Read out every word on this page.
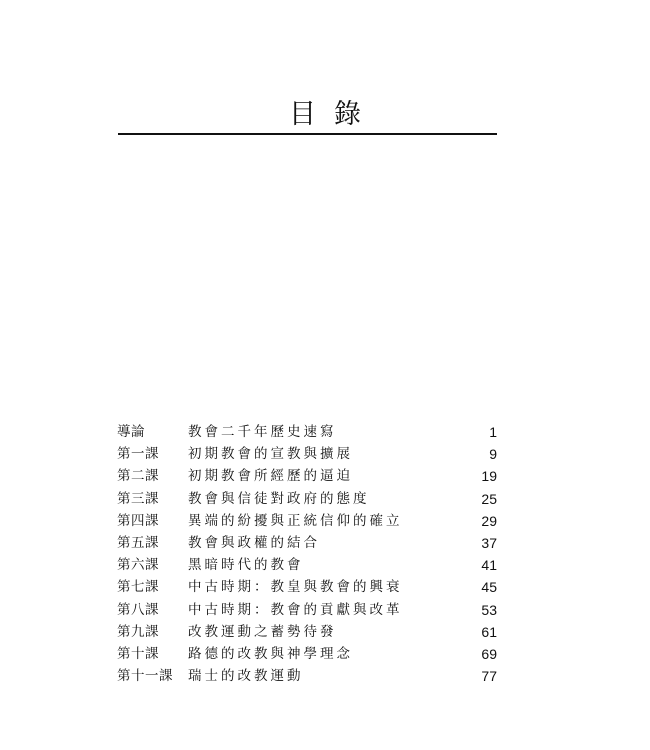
目錄
導論	教會二千年歷史速寫	1
第一課 初期教會的宣教與擴展	9
第二課 初期教會所經歷的逼迫	19
第三課 教會與信徒對政府的態度	25
第四課 異端的紛擾與正統信仰的確立	29
第五課 教會與政權的結合	37
第六課 黑暗時代的教會	41
第七課 中古時期：教皇與教會的興衰	45
第八課 中古時期：教會的貢獻與改革	53
第九課 改教運動之蓄勢待發	61
第十課 路德的改教與神學理念	69
第十一課 瑞士的改教運動	77
